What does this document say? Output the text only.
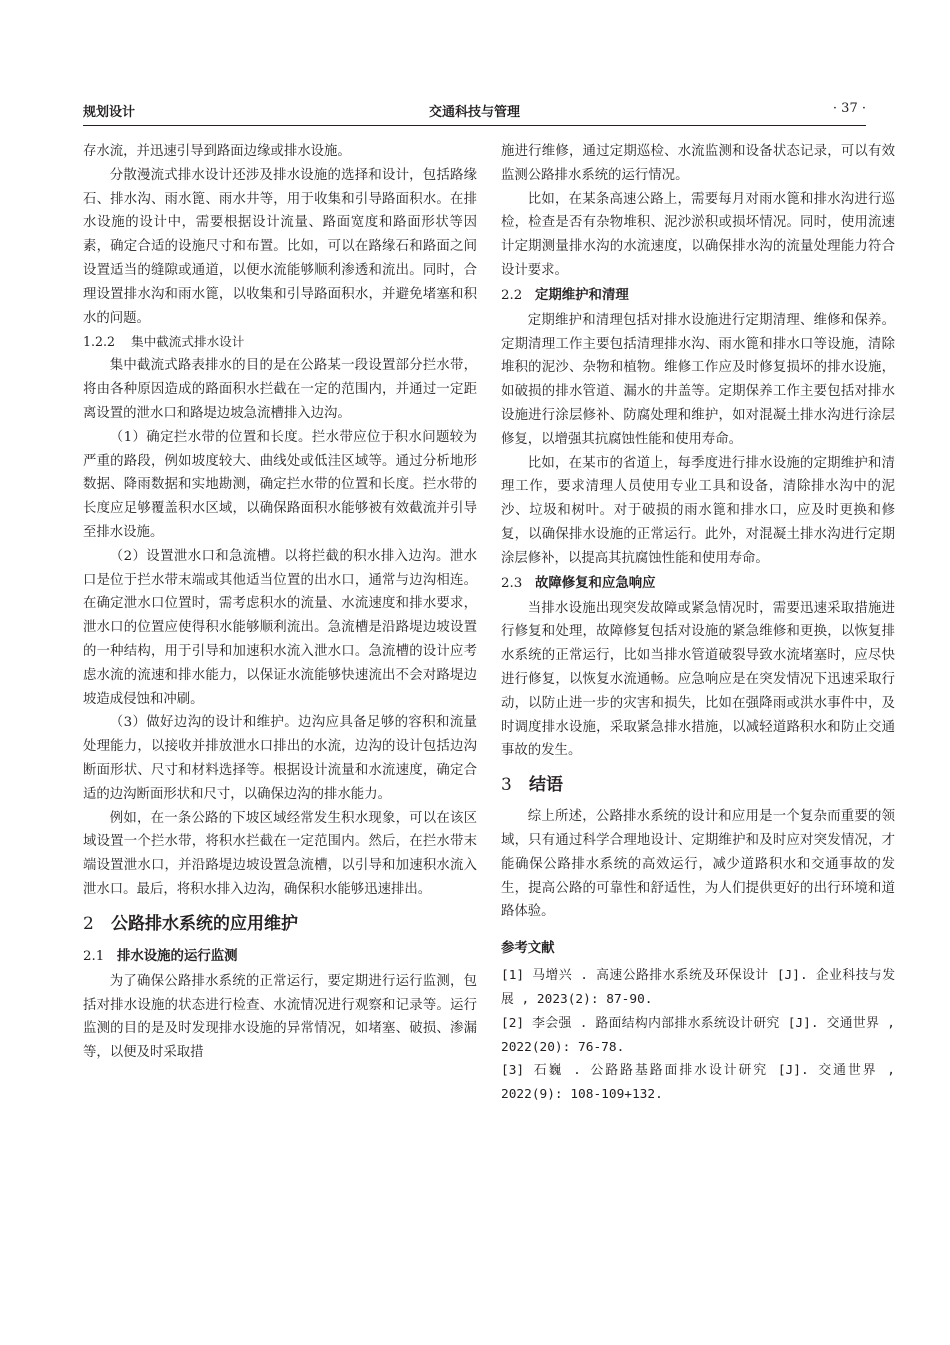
规划设计	交通科技与管理	· 37 ·

存水流，并迅速引导到路面边缘或排水设施。

分散漫流式排水设计还涉及排水设施的选择和设计，包括路缘石、排水沟、雨水篦、雨水井等，用于收集和引导路面积水。在排水设施的设计中，需要根据设计流量、路面宽度和路面形状等因素，确定合适的设施尺寸和布置。比如，可以在路缘石和路面之间设置适当的缝隙或通道，以便水流能够顺利渗透和流出。同时，合理设置排水沟和雨水篦，以收集和引导路面积水，并避免堵塞和积水的问题。

1.2.2 集中截流式排水设计

集中截流式路表排水的目的是在公路某一段设置部分拦水带，将由各种原因造成的路面积水拦截在一定的范围内，并通过一定距离设置的泄水口和路堤边坡急流槽排入边沟。

（1）确定拦水带的位置和长度。拦水带应位于积水问题较为严重的路段，例如坡度较大、曲线处或低洼区域等。通过分析地形数据、降雨数据和实地勘测，确定拦水带的位置和长度。拦水带的长度应足够覆盖积水区域，以确保路面积水能够被有效截流并引导至排水设施。

（2）设置泄水口和急流槽。以将拦截的积水排入边沟。泄水口是位于拦水带末端或其他适当位置的出水口，通常与边沟相连。在确定泄水口位置时，需考虑积水的流量、水流速度和排水要求，泄水口的位置应使得积水能够顺利流出。急流槽是沿路堤边坡设置的一种结构，用于引导和加速积水流入泄水口。急流槽的设计应考虑水流的流速和排水能力，以保证水流能够快速流出不会对路堤边坡造成侵蚀和冲刷。

（3）做好边沟的设计和维护。边沟应具备足够的容积和流量处理能力，以接收并排放泄水口排出的水流，边沟的设计包括边沟断面形状、尺寸和材料选择等。根据设计流量和水流速度，确定合适的边沟断面形状和尺寸，以确保边沟的排水能力。

例如，在一条公路的下坡区域经常发生积水现象，可以在该区域设置一个拦水带，将积水拦截在一定范围内。然后，在拦水带末端设置泄水口，并沿路堤边坡设置急流槽，以引导和加速积水流入泄水口。最后，将积水排入边沟，确保积水能够迅速排出。

2 公路排水系统的应用维护
2.1 排水设施的运行监测

为了确保公路排水系统的正常运行，要定期进行运行监测，包括对排水设施的状态进行检查、水流情况进行观察和记录等。运行监测的目的是及时发现排水设施的异常情况，如堵塞、破损、渗漏等，以便及时采取措

施进行维修，通过定期巡检、水流监测和设备状态记录，可以有效监测公路排水系统的运行情况。

比如，在某条高速公路上，需要每月对雨水篦和排水沟进行巡检，检查是否有杂物堆积、泥沙淤积或损坏情况。同时，使用流速计定期测量排水沟的水流速度，以确保排水沟的流量处理能力符合设计要求。

2.2 定期维护和清理

定期维护和清理包括对排水设施进行定期清理、维修和保养。定期清理工作主要包括清理排水沟、雨水篦和排水口等设施，清除堆积的泥沙、杂物和植物。维修工作应及时修复损坏的排水设施，如破损的排水管道、漏水的井盖等。定期保养工作主要包括对排水设施进行涂层修补、防腐处理和维护，如对混凝土排水沟进行涂层修复，以增强其抗腐蚀性能和使用寿命。

比如，在某市的省道上，每季度进行排水设施的定期维护和清理工作，要求清理人员使用专业工具和设备，清除排水沟中的泥沙、垃圾和树叶。对于破损的雨水篦和排水口，应及时更换和修复，以确保排水设施的正常运行。此外，对混凝土排水沟进行定期涂层修补，以提高其抗腐蚀性能和使用寿命。

2.3 故障修复和应急响应

当排水设施出现突发故障或紧急情况时，需要迅速采取措施进行修复和处理，故障修复包括对设施的紧急维修和更换，以恢复排水系统的正常运行，比如当排水管道破裂导致水流堵塞时，应尽快进行修复，以恢复水流通畅。应急响应是在突发情况下迅速采取行动，以防止进一步的灾害和损失，比如在强降雨或洪水事件中，及时调度排水设施，采取紧急排水措施，以减轻道路积水和防止交通事故的发生。

3 结语

综上所述，公路排水系统的设计和应用是一个复杂而重要的领域，只有通过科学合理地设计、定期维护和及时应对突发情况，才能确保公路排水系统的高效运行，减少道路积水和交通事故的发生，提高公路的可靠性和舒适性，为人们提供更好的出行环境和道路体验。

参考文献

[1] 马增兴 . 高速公路排水系统及环保设计 [J]. 企业科技与发展 , 2023(2): 87-90.

[2] 李会强 . 路面结构内部排水系统设计研究 [J]. 交通世界 , 2022(20): 76-78.

[3] 石巍 . 公路路基路面排水设计研究 [J]. 交通世界 , 2022(9): 108-109+132.
